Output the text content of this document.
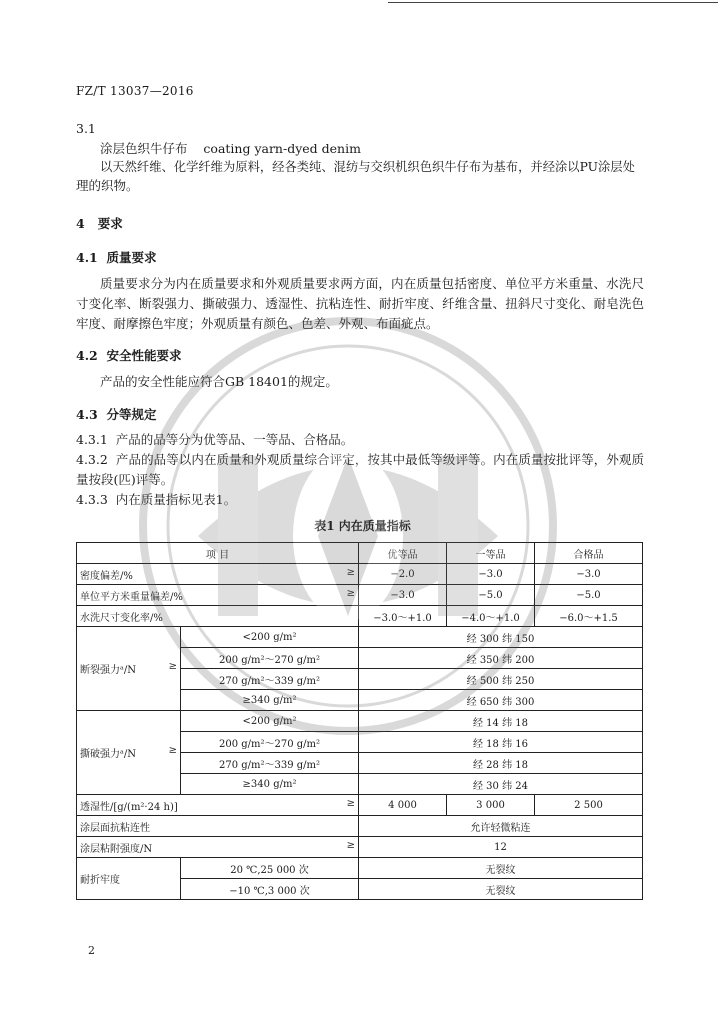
FZ/T 13037—2016
3.1
涂层色织牛仔布 coating yarn-dyed denim
以天然纤维、化学纤维为原料，经各类纯、混纺与交织机织色织牛仔布为基布，并经涂以PU涂层处
理的织物。
4 要求
4.1 质量要求
质量要求分为内在质量要求和外观质量要求两方面，内在质量包括密度、单位平方米重量、水洗尺寸变化率、断裂强力、撕破强力、透湿性、抗粘连性、耐折牢度、纤维含量、扭斜尺寸变化、耐皂洗色牢度、耐摩擦色牢度；外观质量有颜色、色差、外观、布面疵点。
4.2 安全性能要求
产品的安全性能应符合GB 18401的规定。
4.3 分等规定
4.3.1 产品的品等分为优等品、一等品、合格品。
4.3.2 产品的品等以内在质量和外观质量综合评定，按其中最低等级评等。内在质量按批评等，外观质量按段(匹)评等。
4.3.3 内在质量指标见表1。
表1 内在质量指标
项 目		优等品	一等品	合格品
密度偏差/% ≥		−2.0	−3.0	−3.0
单位平方米重量偏差/% ≥		−3.0	−5.0	−5.0
水洗尺寸变化率/%		−3.0～+1.0	−4.0～+1.0	−6.0～+1.5
断裂强力ᵃ/N ≥	<200 g/m²	经 300 纬 150		
	200 g/m²～270 g/m²	经 350 纬 200		
	270 g/m²～339 g/m²	经 500 纬 250		
	≥340 g/m²	经 650 纬 300		
撕破强力ᵃ/N ≥	<200 g/m²	经 14 纬 18		
	200 g/m²～270 g/m²	经 18 纬 16		
	270 g/m²～339 g/m²	经 28 纬 18		
	≥340 g/m²	经 30 纬 24		
透湿性/[g/(m²·24 h)] ≥		4 000	3 000	2 500
涂层面抗粘连性		允许轻微粘连		
涂层粘附强度/N ≥		12		
耐折牢度	20 ℃,25 000 次	无裂纹		
	−10 ℃,3 000 次	无裂纹		
2
